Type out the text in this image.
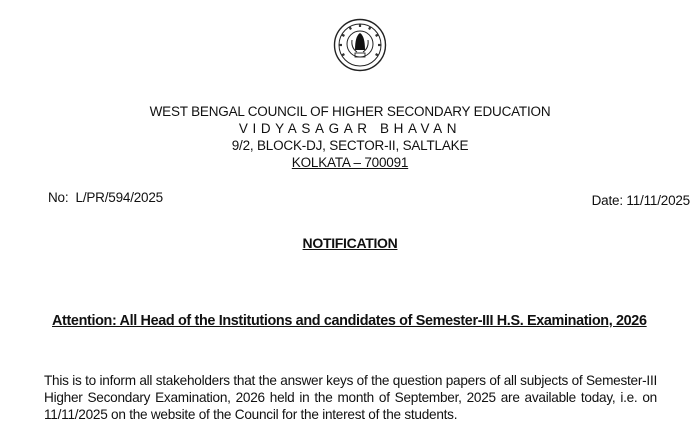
WEST BENGAL COUNCIL OF HIGHER SECONDARY EDUCATION
VIDYASAGAR BHAVAN
9/2, BLOCK-DJ, SECTOR-II, SALTLAKE
KOLKATA – 700091
No:  L/PR/594/2025	Date: 11/11/2025
NOTIFICATION
Attention: All Head of the Institutions and candidates of Semester-III H.S. Examination, 2026
This is to inform all stakeholders that the answer keys of the question papers of all subjects of Semester-III Higher Secondary Examination, 2026 held in the month of September, 2025 are available today, i.e. on 11/11/2025 on the website of the Council for the interest of the students.
